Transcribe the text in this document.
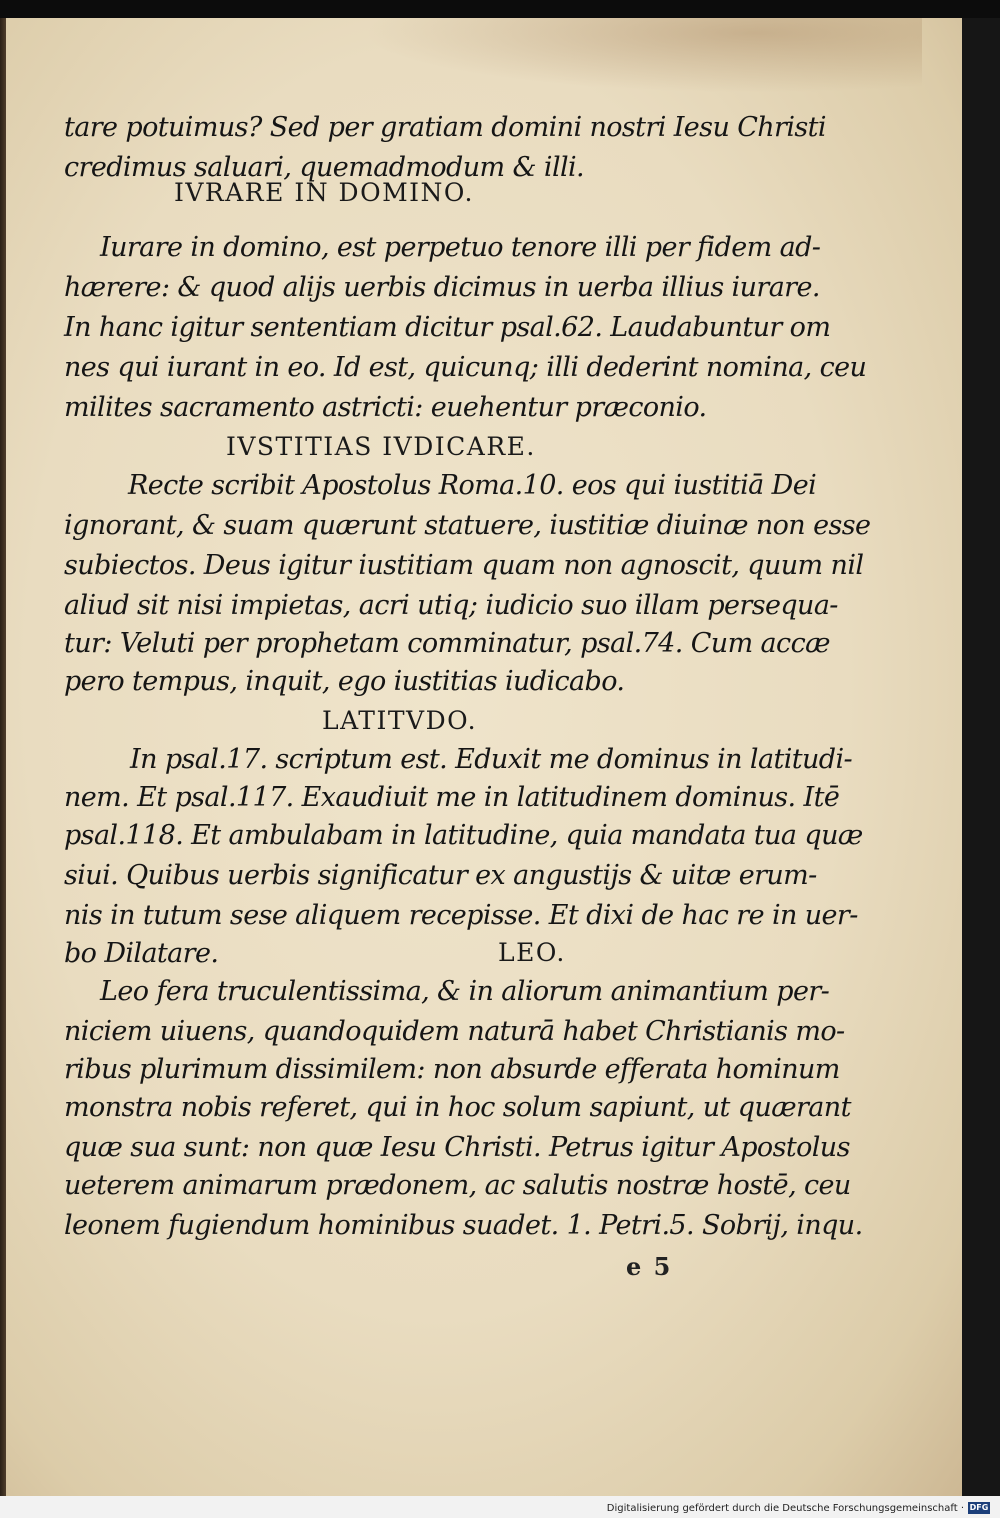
tare potuimus? Sed per gratiam domini nostri Iesu Christi
credimus saluari, quemadmodum & illi.
IVRARE IN DOMINO.
Iurare in domino, est perpetuo tenore illi per fidem ad-
hærere: & quod alijs uerbis dicimus in uerba illius iurare.
In hanc igitur sententiam dicitur psal.62. Laudabuntur om
nes qui iurant in eo. Id est, quicunq; illi dederint nomina, ceu
milites sacramento astricti: euehentur præconio.
IVSTITIAS IVDICARE.
Recte scribit Apostolus Roma.10. eos qui iustitiā Dei
ignorant, & suam quærunt statuere, iustitiæ diuinæ non esse
subiectos. Deus igitur iustitiam quam non agnoscit, quum nil
aliud sit nisi impietas, acri utiq; iudicio suo illam persequa-
tur: Veluti per prophetam comminatur, psal.74. Cum accæ
pero tempus, inquit, ego iustitias iudicabo.
LATITVDO.
In psal.17. scriptum est. Eduxit me dominus in latitudi-
nem. Et psal.117. Exaudiuit me in latitudinem dominus. Itē
psal.118. Et ambulabam in latitudine, quia mandata tua quæ
siui. Quibus uerbis significatur ex angustijs & uitæ erum-
nis in tutum sese aliquem recepisse. Et dixi de hac re in uer-
bo Dilatare.	LEO.
Leo fera truculentissima, & in aliorum animantium per-
niciem uiuens, quandoquidem naturā habet Christianis mo-
ribus plurimum dissimilem: non absurde efferata hominum
monstra nobis referet, qui in hoc solum sapiunt, ut quærant
quæ sua sunt: non quæ Iesu Christi. Petrus igitur Apostolus
ueterem animarum prædonem, ac salutis nostræ hostē, ceu
leonem fugiendum hominibus suadet. 1. Petri.5. Sobrij, inqu.
e 5
Digitalisierung gefördert durch die Deutsche Forschungsgemeinschaft · DFG
